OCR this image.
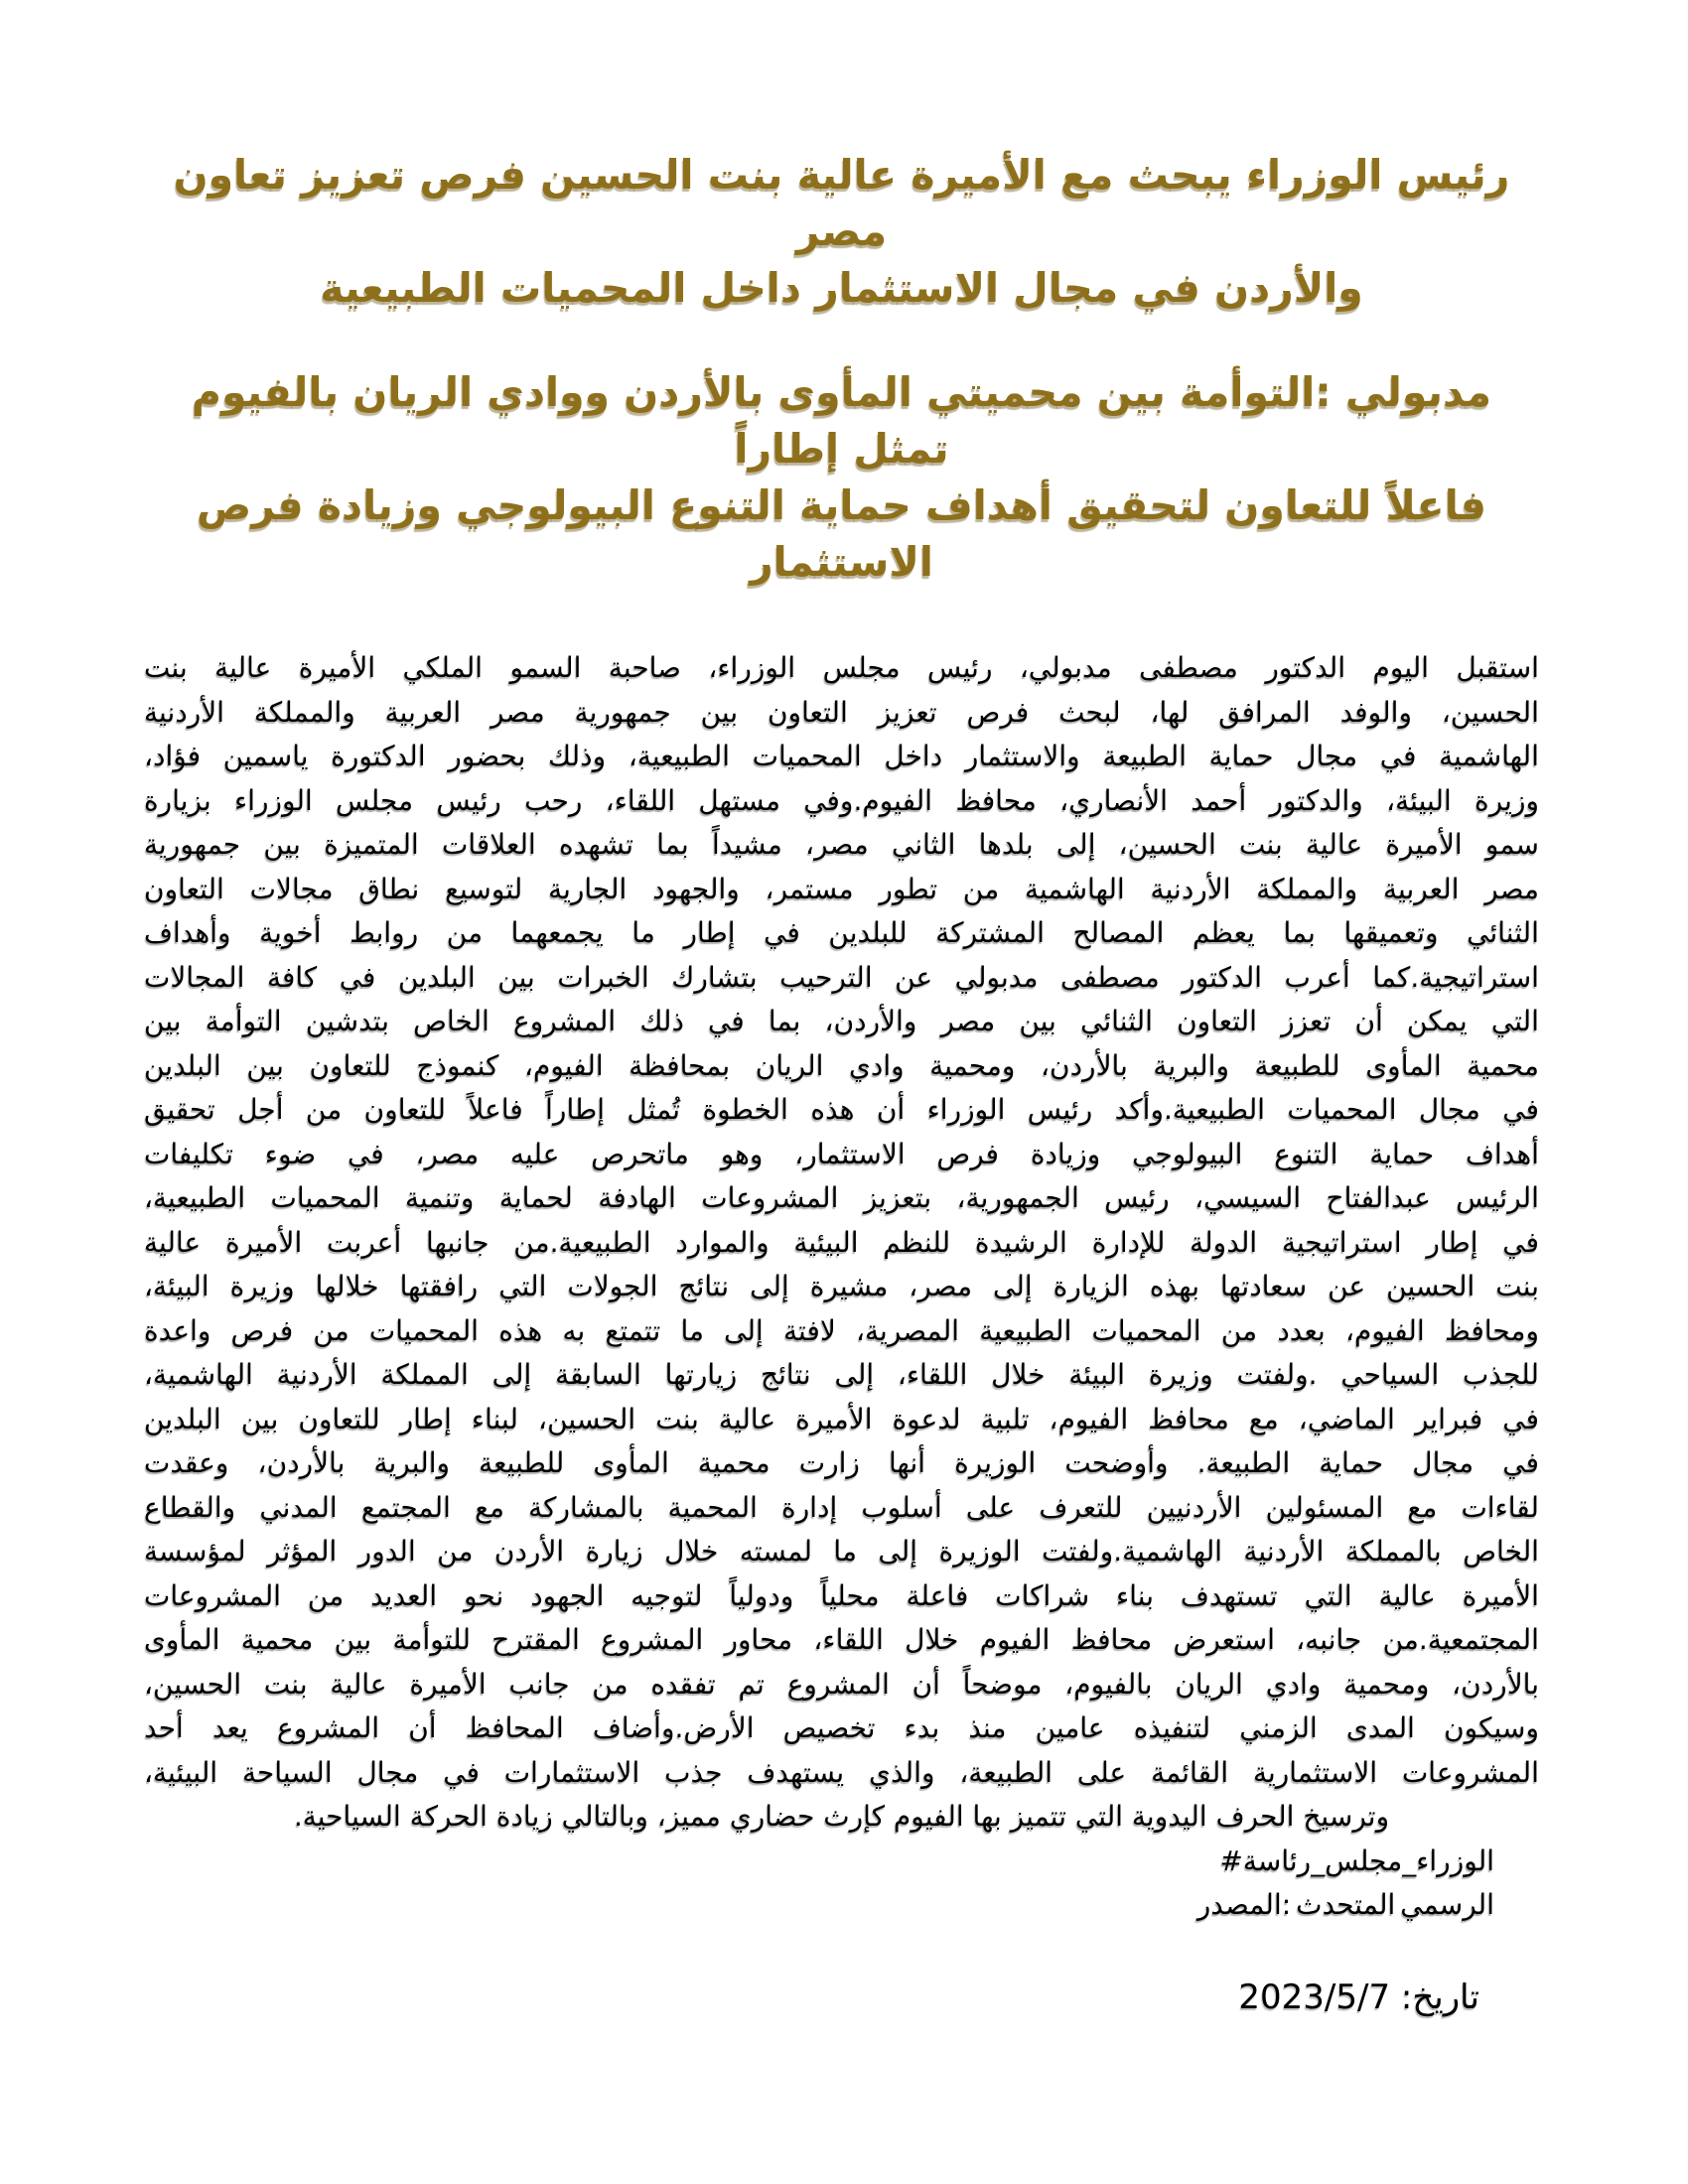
رئيس الوزراء يبحث مع الأميرة عالية بنت الحسين فرص تعزيز تعاون مصر
والأردن في مجال الاستثمار داخل المحميات الطبيعية
مدبولي :التوأمة بين محميتي المأوى بالأردن ووادي الريان بالفيوم تمثل إطاراً
فاعلاً للتعاون لتحقيق أهداف حماية التنوع البيولوجي وزيادة فرص الاستثمار
استقبل اليوم الدكتور مصطفى مدبولي، رئيس مجلس الوزراء، صاحبة السمو الملكي الأميرة عالية بنت
الحسين، والوفد المرافق لها، لبحث فرص تعزيز التعاون بين جمهورية مصر العربية والمملكة الأردنية
الهاشمية في مجال حماية الطبيعة والاستثمار داخل المحميات الطبيعية، وذلك بحضور الدكتورة ياسمين فؤاد،
وزيرة البيئة، والدكتور أحمد الأنصاري، محافظ الفيوم.وفي مستهل اللقاء، رحب رئيس مجلس الوزراء بزيارة
سمو الأميرة عالية بنت الحسين، إلى بلدها الثاني مصر، مشيداً بما تشهده العلاقات المتميزة بين جمهورية
مصر العربية والمملكة الأردنية الهاشمية من تطور مستمر، والجهود الجارية لتوسيع نطاق مجالات التعاون
الثنائي وتعميقها بما يعظم المصالح المشتركة للبلدين في إطار ما يجمعهما من روابط أخوية وأهداف
استراتيجية.كما أعرب الدكتور مصطفى مدبولي عن الترحيب بتشارك الخبرات بين البلدين في كافة المجالات
التي يمكن أن تعزز التعاون الثنائي بين مصر والأردن، بما في ذلك المشروع الخاص بتدشين التوأمة بين
محمية المأوى للطبيعة والبرية بالأردن، ومحمية وادي الريان بمحافظة الفيوم، كنموذج للتعاون بين البلدين
في مجال المحميات الطبيعية.وأكد رئيس الوزراء أن هذه الخطوة تُمثل إطاراً فاعلاً للتعاون من أجل تحقيق
أهداف حماية التنوع البيولوجي وزيادة فرص الاستثمار، وهو ماتحرص عليه مصر، في ضوء تكليفات
الرئيس عبدالفتاح السيسي، رئيس الجمهورية، بتعزيز المشروعات الهادفة لحماية وتنمية المحميات الطبيعية،
في إطار استراتيجية الدولة للإدارة الرشيدة للنظم البيئية والموارد الطبيعية.من جانبها أعربت الأميرة عالية
بنت الحسين عن سعادتها بهذه الزيارة إلى مصر، مشيرة إلى نتائج الجولات التي رافقتها خلالها وزيرة البيئة،
ومحافظ الفيوم، بعدد من المحميات الطبيعية المصرية، لافتة إلى ما تتمتع به هذه المحميات من فرص واعدة
للجذب السياحي .ولفتت وزيرة البيئة خلال اللقاء، إلى نتائج زيارتها السابقة إلى المملكة الأردنية الهاشمية،
في فبراير الماضي، مع محافظ الفيوم، تلبية لدعوة الأميرة عالية بنت الحسين، لبناء إطار للتعاون بين البلدين
في مجال حماية الطبيعة. وأوضحت الوزيرة أنها زارت محمية المأوى للطبيعة والبرية بالأردن، وعقدت
لقاءات مع المسئولين الأردنيين للتعرف على أسلوب إدارة المحمية بالمشاركة مع المجتمع المدني والقطاع
الخاص بالمملكة الأردنية الهاشمية.ولفتت الوزيرة إلى ما لمسته خلال زيارة الأردن من الدور المؤثر لمؤسسة
الأميرة عالية التي تستهدف بناء شراكات فاعلة محلياً ودولياً لتوجيه الجهود نحو العديد من المشروعات
المجتمعية.من جانبه، استعرض محافظ الفيوم خلال اللقاء، محاور المشروع المقترح للتوأمة بين محمية المأوى
بالأردن، ومحمية وادي الريان بالفيوم، موضحاً أن المشروع تم تفقده من جانب الأميرة عالية بنت الحسين،
وسيكون المدى الزمني لتنفيذه عامين منذ بدء تخصيص الأرض.وأضاف المحافظ أن المشروع يعد أحد
المشروعات الاستثمارية القائمة على الطبيعة، والذي يستهدف جذب الاستثمارات في مجال السياحة البيئية،
وترسيخ الحرف اليدوية التي تتميز بها الفيوم كإرث حضاري مميز، وبالتالي زيادة الحركة السياحية.
# رئاسة _ مجلس _ الوزراء
المصدر : المتحدث الرسمي
تاريخ: 2023/5/7
